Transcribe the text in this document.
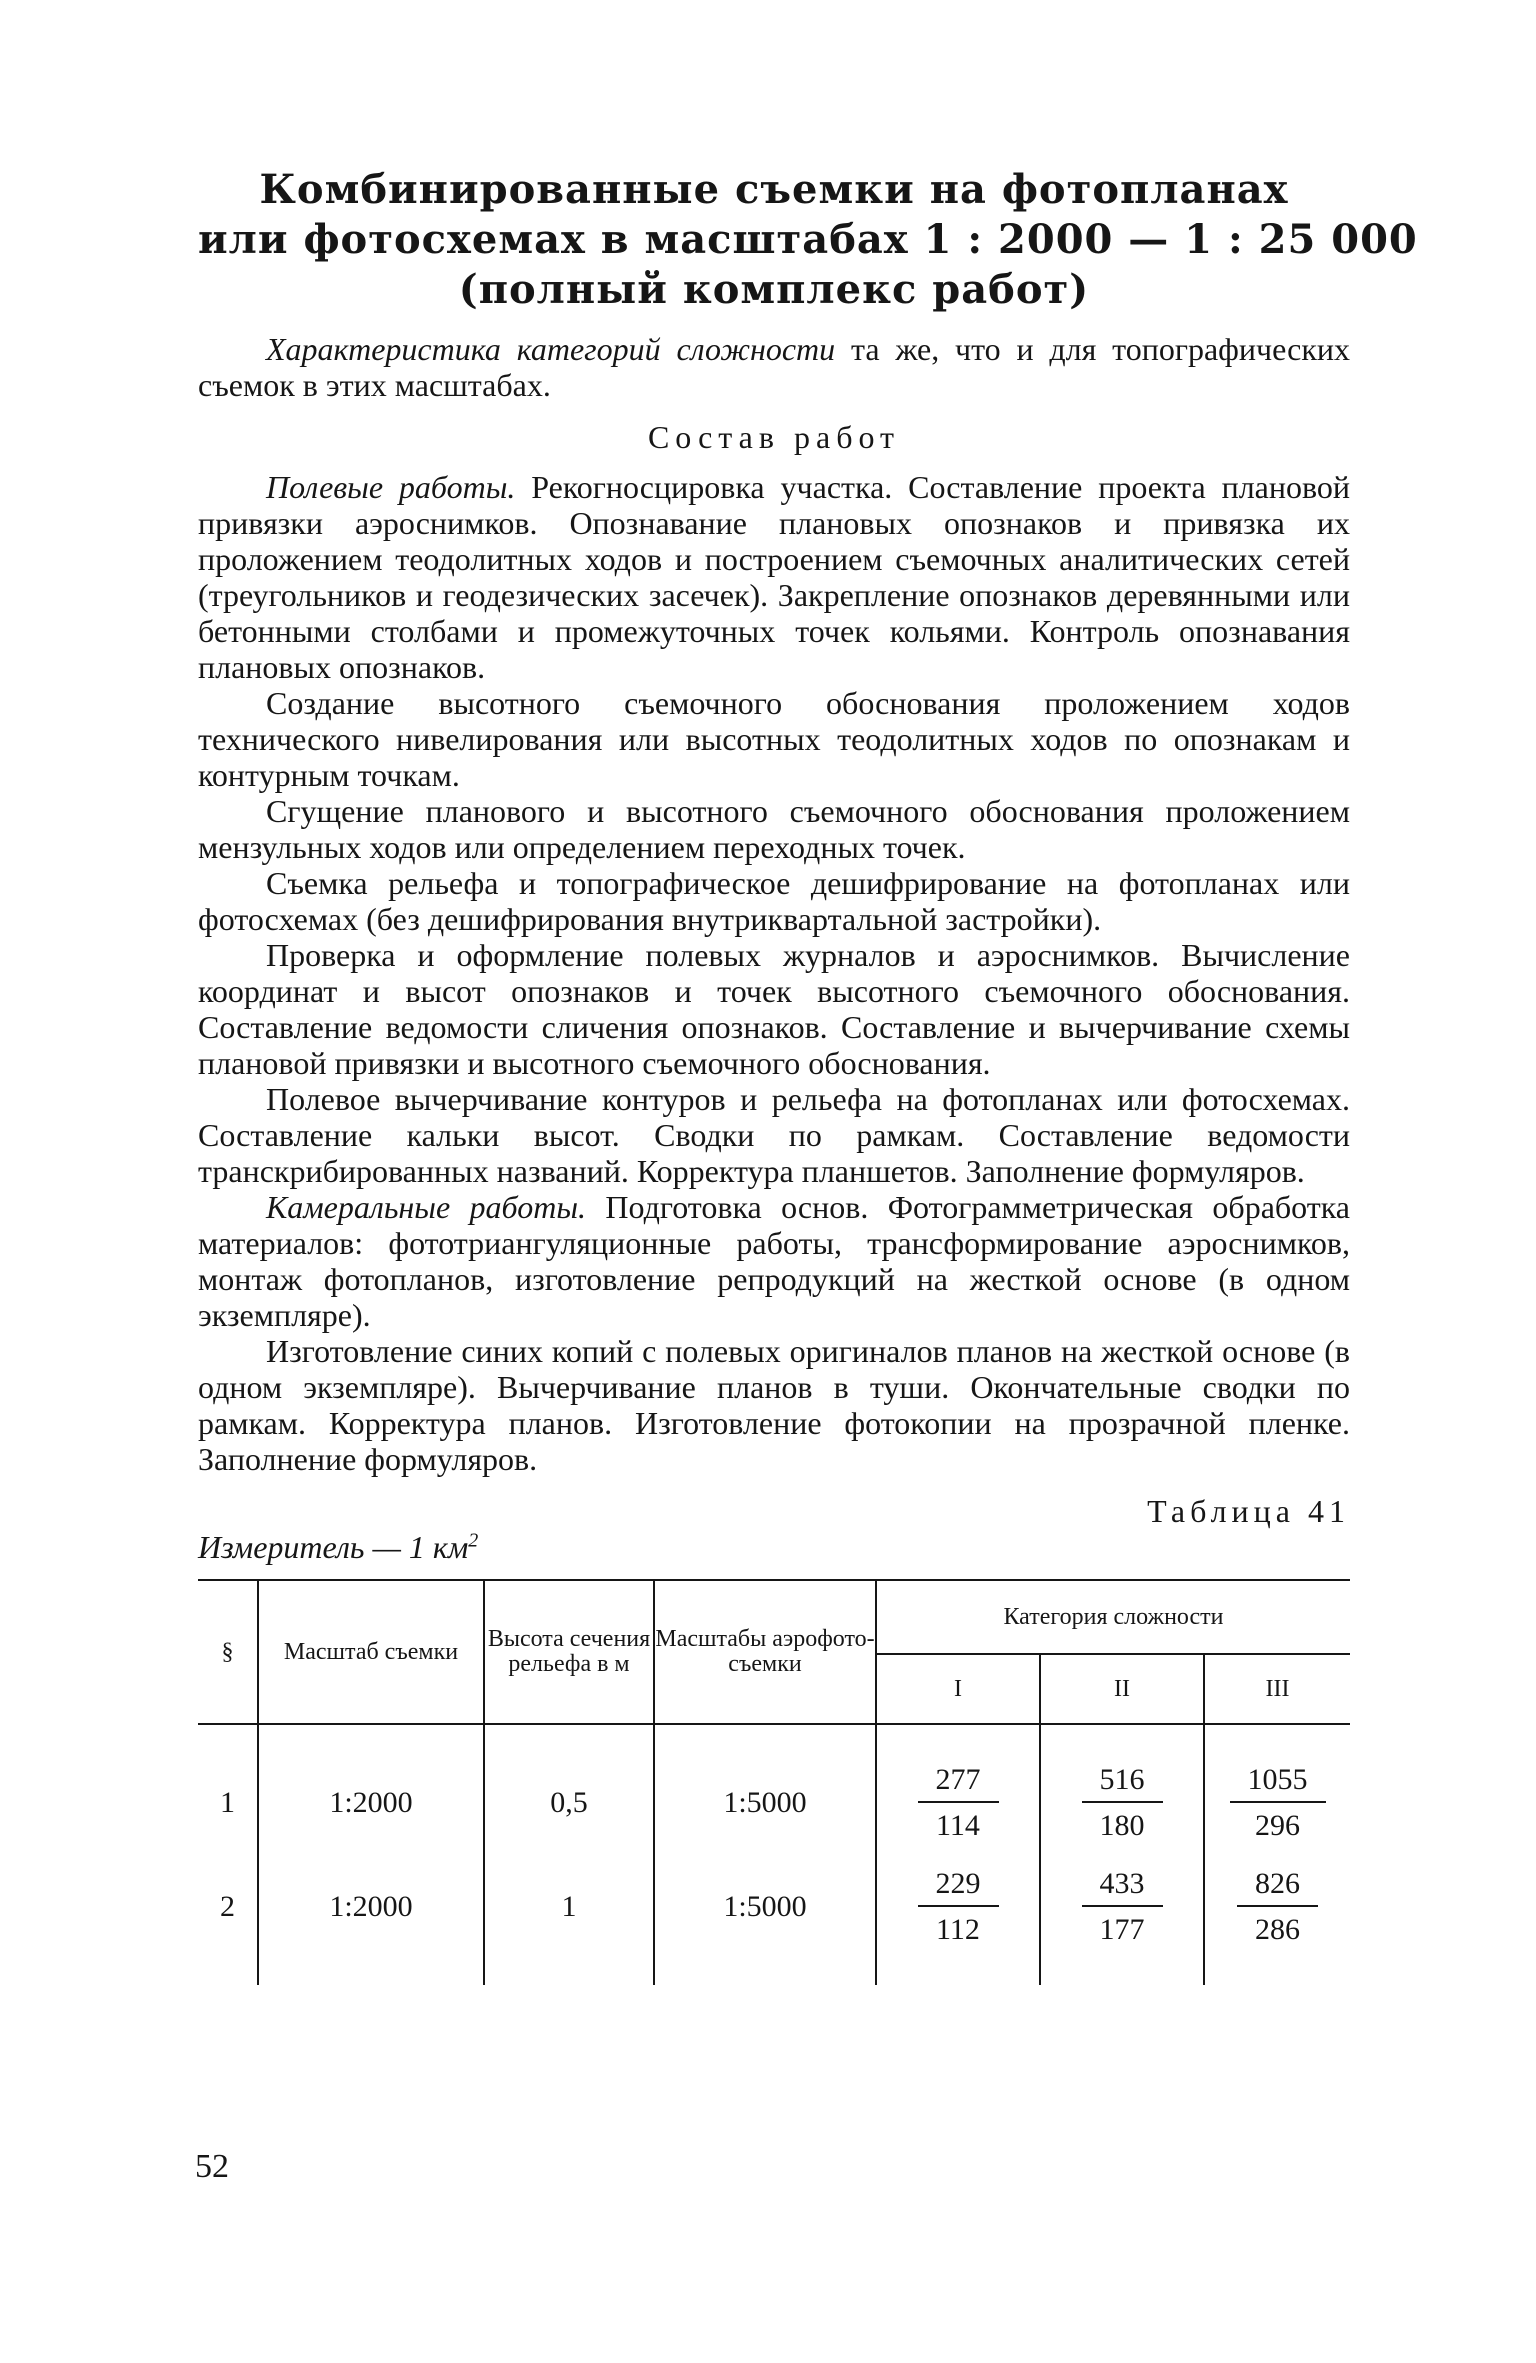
Комбинированные съемки на фотопланах
или фотосхемах в масштабах 1 : 2000 — 1 : 25 000
(полный комплекс работ)

Характеристика категорий сложности та же, что и для топографических съемок в этих масштабах.

Состав работ

Полевые работы. Рекогносцировка участка. Составление проекта плановой привязки аэроснимков. Опознавание плановых опознаков и привязка их проложением теодолитных ходов и построением съемочных аналитических сетей (треугольников и геодезических засечек). Закрепление опознаков деревянными или бетонными столбами и промежуточных точек кольями. Контроль опознавания плановых опознаков.

Создание высотного съемочного обоснования проложением ходов технического нивелирования или высотных теодолитных ходов по опознакам и контурным точкам.

Сгущение планового и высотного съемочного обоснования проложением мензульных ходов или определением переходных точек.

Съемка рельефа и топографическое дешифрирование на фотопланах или фотосхемах (без дешифрирования внутриквартальной застройки).

Проверка и оформление полевых журналов и аэроснимков. Вычисление координат и высот опознаков и точек высотного съемочного обоснования. Составление ведомости сличения опознаков. Составление и вычерчивание схемы плановой привязки и высотного съемочного обоснования.

Полевое вычерчивание контуров и рельефа на фотопланах или фотосхемах. Составление кальки высот. Сводки по рамкам. Составление ведомости транскрибированных названий. Корректура планшетов. Заполнение формуляров.

Камеральные работы. Подготовка основ. Фотограмметрическая обработка материалов: фототриангуляционные работы, трансформирование аэроснимков, монтаж фотопланов, изготовление репродукций на жесткой основе (в одном экземпляре).

Изготовление синих копий с полевых оригиналов планов на жесткой основе (в одном экземпляре). Вычерчивание планов в туши. Окончательные сводки по рамкам. Корректура планов. Изготовление фотокопии на прозрачной пленке. Заполнение формуляров.

Измеритель — 1 $км^2$
Таблица 41
§	Масштаб съемки	Высота сечения рельефа в м	Масштабы аэрофото-съемки	Категория сложности		
				I	II	III

1	1:2000	0,5	1:5000	$\frac{277}{114}$	$\frac{516}{180}$	$\frac{1055}{296}$

2	1:2000	1	1:5000	$\frac{229}{112}$	$\frac{433}{177}$	$\frac{826}{286}$

52
